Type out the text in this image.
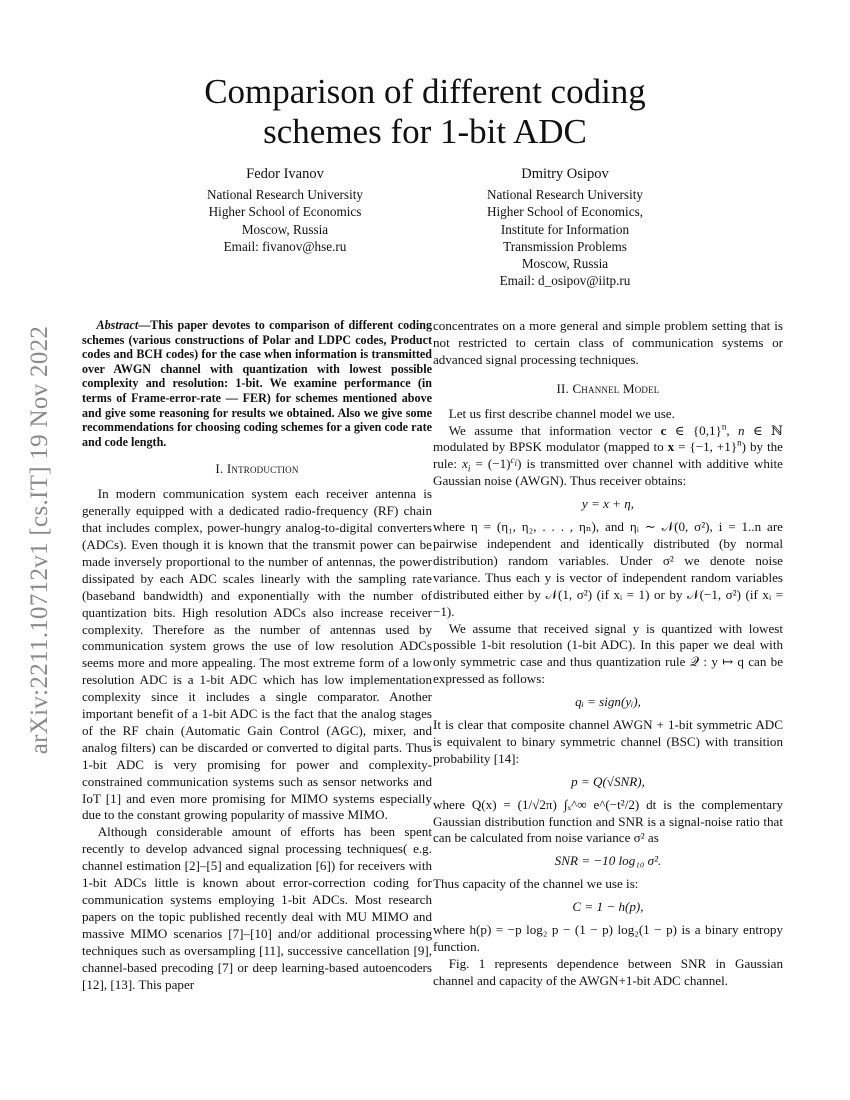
arXiv:2211.10712v1 [cs.IT] 19 Nov 2022
Comparison of different coding
schemes for 1-bit ADC
Fedor Ivanov
National Research University
Higher School of Economics
Moscow, Russia
Email: fivanov@hse.ru
Dmitry Osipov
National Research University
Higher School of Economics,
Institute for Information
Transmission Problems
Moscow, Russia
Email: d_osipov@iitp.ru

Abstract—This paper devotes to comparison of different coding schemes (various constructions of Polar and LDPC codes, Product codes and BCH codes) for the case when information is transmitted over AWGN channel with quantization with lowest possible complexity and resolution: 1-bit. We examine performance (in terms of Frame-error-rate — FER) for schemes mentioned above and give some reasoning for results we obtained. Also we give some recommendations for choosing coding schemes for a given code rate and code length.

I. Introduction

In modern communication system each receiver antenna is generally equipped with a dedicated radio-frequency (RF) chain that includes complex, power-hungry analog-to-digital converters (ADCs). Even though it is known that the transmit power can be made inversely proportional to the number of antennas, the power dissipated by each ADC scales linearly with the sampling rate (baseband bandwidth) and exponentially with the number of quantization bits. High resolution ADCs also increase receiver complexity. Therefore as the number of antennas used by communication system grows the use of low resolution ADCs seems more and more appealing. The most extreme form of a low resolution ADC is a 1-bit ADC which has low implementation complexity since it includes a single comparator. Another important benefit of a 1-bit ADC is the fact that the analog stages of the RF chain (Automatic Gain Control (AGC), mixer, and analog filters) can be discarded or converted to digital parts. Thus 1-bit ADC is very promising for power and complexity-constrained communication systems such as sensor networks and IoT [1] and even more promising for MIMO systems especially due to the constant growing popularity of massive MIMO.

Although considerable amount of efforts has been spent recently to develop advanced signal processing techniques( e.g. channel estimation [2]–[5] and equalization [6]) for receivers with 1-bit ADCs little is known about error-correction coding for communication systems employing 1-bit ADCs. Most research papers on the topic published recently deal with MU MIMO and massive MIMO scenarios [7]–[10] and/or additional processing techniques such as oversampling [11], successive cancellation [9], channel-based precoding [7] or deep learning-based autoencoders [12], [13]. This paper

concentrates on a more general and simple problem setting that is not restricted to certain class of communication systems or advanced signal processing techniques.

II. Channel Model

Let us first describe channel model we use.

We assume that information vector c ∈ $\{0,1\}^n$, n ∈ ℕ modulated by BPSK modulator (mapped to x = {−1, +1}$^n$) by the rule: $x_i = (-1)^{c_i}$) is transmitted over channel with additive white Gaussian noise (AWGN). Thus receiver obtains:

y = x + η,

where η = (η₁, η₂, . . . , ηₙ), and ηᵢ ∼ 𝒩(0, σ²), i = 1..n are pairwise independent and identically distributed (by normal distribution) random variables. Under σ² we denote noise variance. Thus each y is vector of independent random variables distributed either by 𝒩(1, σ²) (if xᵢ = 1) or by 𝒩(−1, σ²) (if xᵢ = −1).

We assume that received signal y is quantized with lowest possible 1-bit resolution (1-bit ADC). In this paper we deal with only symmetric case and thus quantization rule 𝒬 : y ↦ q can be expressed as follows:

qᵢ = sign(yᵢ),

It is clear that composite channel AWGN + 1-bit symmetric ADC is equivalent to binary symmetric channel (BSC) with transition probability [14]:

p = Q(√SNR),

where Q(x) = (1/√2π) ∫ₓ^∞ e^(−t²/2) dt is the complementary Gaussian distribution function and SNR is a signal-noise ratio that can be calculated from noise variance σ² as

SNR = −10 log₁₀ σ².

Thus capacity of the channel we use is:

C = 1 − h(p),

where h(p) = −p log₂ p − (1 − p) log₂(1 − p) is a binary entropy function.

Fig. 1 represents dependence between SNR in Gaussian channel and capacity of the AWGN+1-bit ADC channel.
